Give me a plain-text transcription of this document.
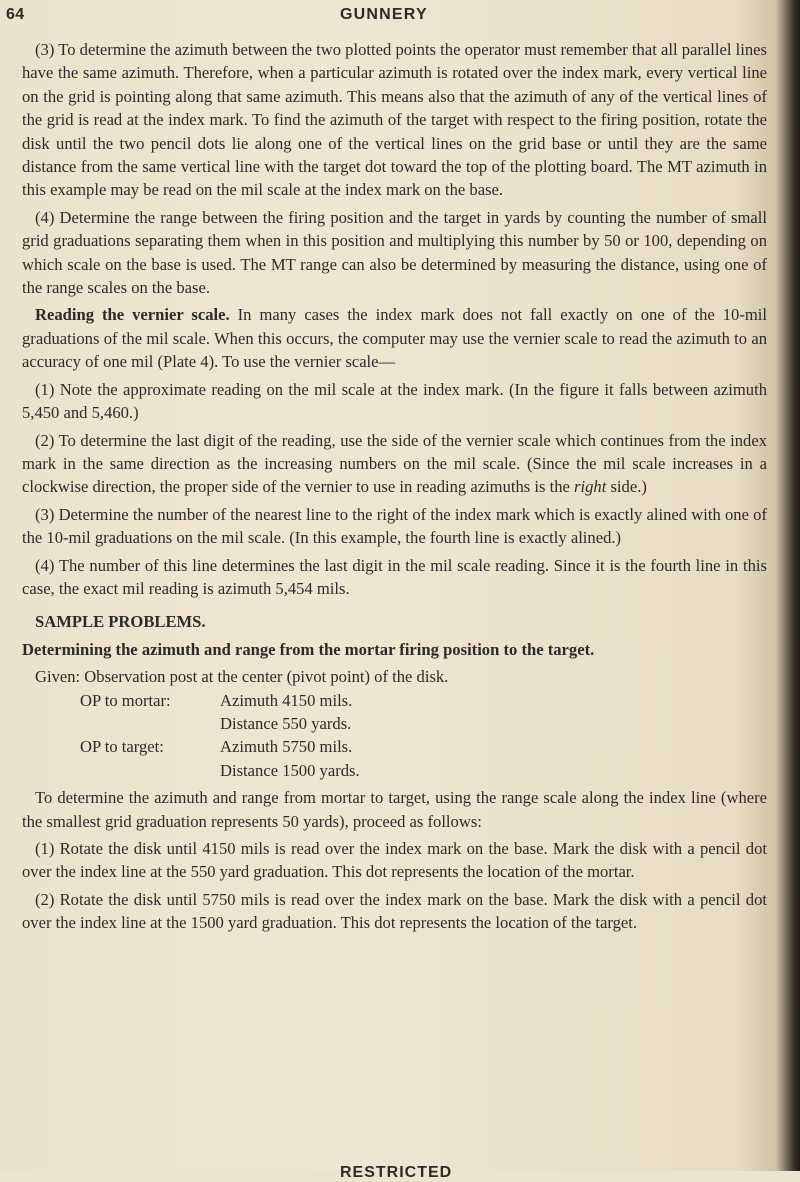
64	GUNNERY

(3) To determine the azimuth between the two plotted points the operator must remember that all parallel lines have the same azimuth. Therefore, when a particular azimuth is rotated over the index mark, every vertical line on the grid is pointing along that same azimuth. This means also that the azimuth of any of the vertical lines of the grid is read at the index mark. To find the azimuth of the target with respect to the firing position, rotate the disk until the two pencil dots lie along one of the vertical lines on the grid base or until they are the same distance from the same vertical line with the target dot toward the top of the plotting board. The MT azimuth in this example may be read on the mil scale at the index mark on the base.

(4) Determine the range between the firing position and the target in yards by counting the number of small grid graduations separating them when in this position and multiplying this number by 50 or 100, depending on which scale on the base is used. The MT range can also be determined by measuring the distance, using one of the range scales on the base.

Reading the vernier scale. In many cases the index mark does not fall exactly on one of the 10-mil graduations of the mil scale. When this occurs, the computer may use the vernier scale to read the azimuth to an accuracy of one mil (Plate 4). To use the vernier scale—

(1) Note the approximate reading on the mil scale at the index mark. (In the figure it falls between azimuth 5,450 and 5,460.)

(2) To determine the last digit of the reading, use the side of the vernier scale which continues from the index mark in the same direction as the increasing numbers on the mil scale. (Since the mil scale increases in a clockwise direction, the proper side of the vernier to use in reading azimuths is the right side.)

(3) Determine the number of the nearest line to the right of the index mark which is exactly alined with one of the 10-mil graduations on the mil scale. (In this example, the fourth line is exactly alined.)

(4) The number of this line determines the last digit in the mil scale reading. Since it is the fourth line in this case, the exact mil reading is azimuth 5,454 mils.

SAMPLE PROBLEMS.

Determining the azimuth and range from the mortar firing position to the target.

Given: Observation post at the center (pivot point) of the disk.

OP to mortar:	Azimuth 4150 mils.
	Distance 550 yards.
OP to target:	Azimuth 5750 mils.
	Distance 1500 yards.

To determine the azimuth and range from mortar to target, using the range scale along the index line (where the smallest grid graduation represents 50 yards), proceed as follows:

(1) Rotate the disk until 4150 mils is read over the index mark on the base. Mark the disk with a pencil dot over the index line at the 550 yard graduation. This dot represents the location of the mortar.

(2) Rotate the disk until 5750 mils is read over the index mark on the base. Mark the disk with a pencil dot over the index line at the 1500 yard graduation. This dot represents the location of the target.

RESTRICTED
